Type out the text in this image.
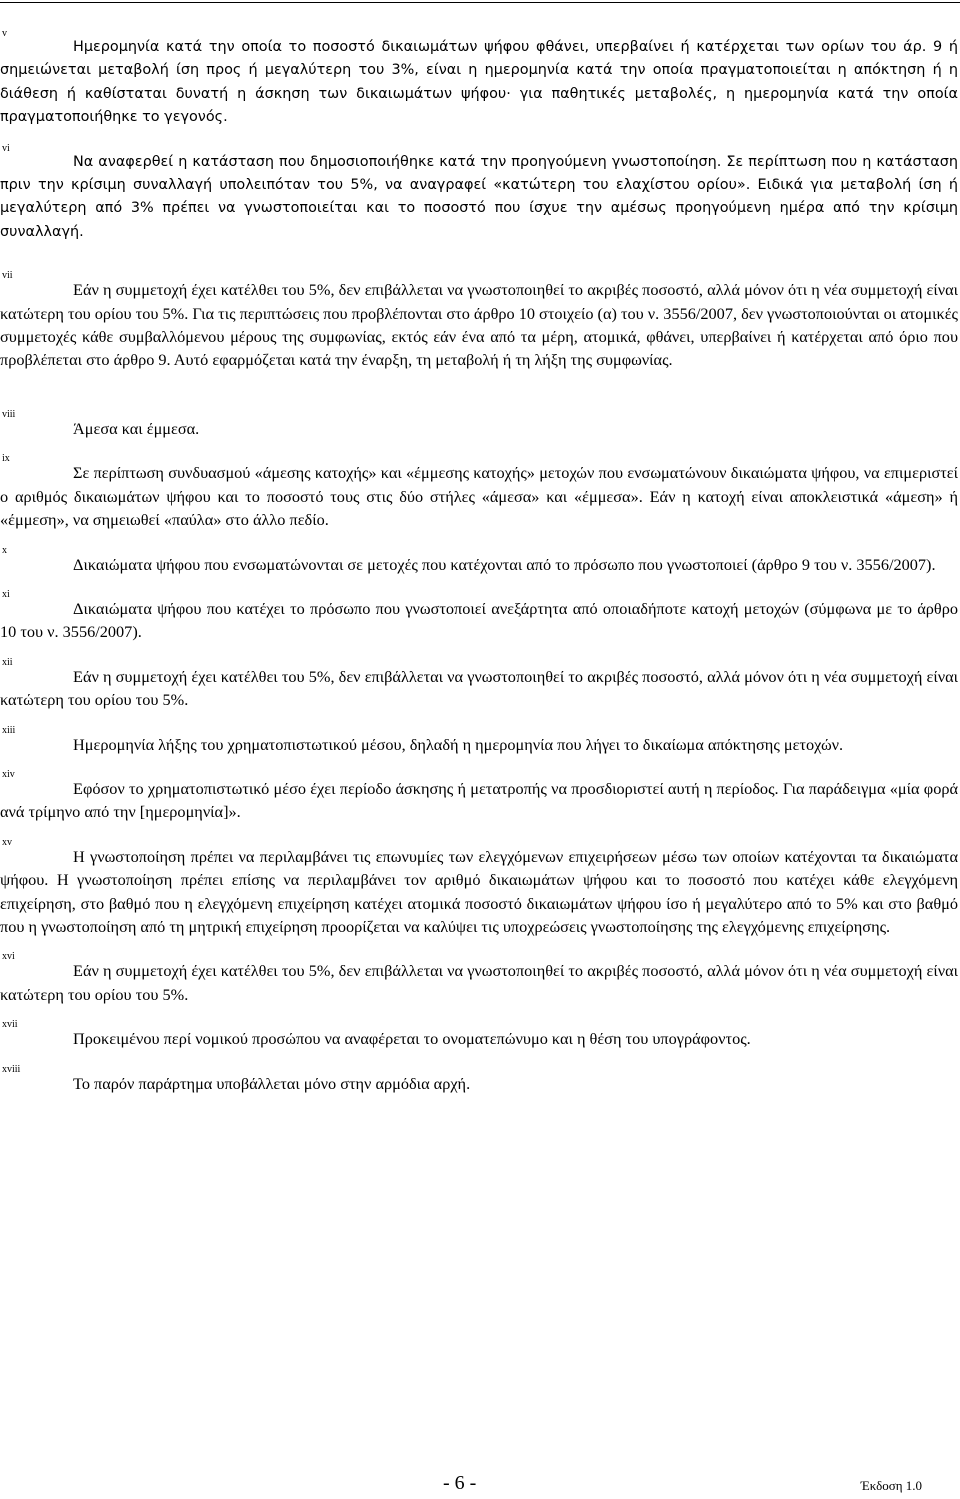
v
Ημερομηνία κατά την οποία το ποσοστό δικαιωμάτων ψήφου φθάνει, υπερβαίνει ή κατέρχεται των ορίων του άρ. 9 ή σημειώνεται μεταβολή ίση προς ή μεγαλύτερη του 3%, είναι η ημερομηνία κατά την οποία πραγματοποιείται η απόκτηση ή η διάθεση ή καθίσταται δυνατή η άσκηση των δικαιωμάτων ψήφου· για παθητικές μεταβολές, η ημερομηνία κατά την οποία πραγματοποιήθηκε το γεγονός.

vi
Να αναφερθεί η κατάσταση που δημοσιοποιήθηκε κατά την προηγούμενη γνωστοποίηση. Σε περίπτωση που η κατάσταση πριν την κρίσιμη συναλλαγή υπολειπόταν του 5%, να αναγραφεί «κατώτερη του ελαχίστου ορίου». Ειδικά για μεταβολή ίση ή μεγαλύτερη από 3% πρέπει να γνωστοποιείται και το ποσοστό που ίσχυε την αμέσως προηγούμενη ημέρα από την κρίσιμη συναλλαγή.

vii
Εάν η συμμετοχή έχει κατέλθει του 5%, δεν επιβάλλεται να γνωστοποιηθεί το ακριβές ποσοστό, αλλά μόνον ότι η νέα συμμετοχή είναι κατώτερη του ορίου του 5%. Για τις περιπτώσεις που προβλέπονται στο άρθρο 10 στοιχείο (α) του ν. 3556/2007, δεν γνωστοποιούνται οι ατομικές συμμετοχές κάθε συμβαλλόμενου μέρους της συμφωνίας, εκτός εάν ένα από τα μέρη, ατομικά, φθάνει, υπερβαίνει ή κατέρχεται από όριο που προβλέπεται στο άρθρο 9. Αυτό εφαρμόζεται κατά την έναρξη, τη μεταβολή ή τη λήξη της συμφωνίας.

viii
Άμεσα και έμμεσα.

ix
Σε περίπτωση συνδυασμού «άμεσης κατοχής» και «έμμεσης κατοχής» μετοχών που ενσωματώνουν δικαιώματα ψήφου, να επιμεριστεί ο αριθμός δικαιωμάτων ψήφου και το ποσοστό τους στις δύο στήλες «άμεσα» και «έμμεσα». Εάν η κατοχή είναι αποκλειστικά «άμεση» ή «έμμεση», να σημειωθεί «παύλα» στο άλλο πεδίο.

x
Δικαιώματα ψήφου που ενσωματώνονται σε μετοχές που κατέχονται από το πρόσωπο που γνωστοποιεί (άρθρο 9 του ν. 3556/2007).

xi
Δικαιώματα ψήφου που κατέχει το πρόσωπο που γνωστοποιεί ανεξάρτητα από οποιαδήποτε κατοχή μετοχών (σύμφωνα με το άρθρο 10 του ν. 3556/2007).

xii
Εάν η συμμετοχή έχει κατέλθει του 5%, δεν επιβάλλεται να γνωστοποιηθεί το ακριβές ποσοστό, αλλά μόνον ότι η νέα συμμετοχή είναι κατώτερη του ορίου του 5%.

xiii
Ημερομηνία λήξης του χρηματοπιστωτικού μέσου, δηλαδή η ημερομηνία που λήγει το δικαίωμα απόκτησης μετοχών.

xiv
Εφόσον το χρηματοπιστωτικό μέσο έχει περίοδο άσκησης ή μετατροπής να προσδιοριστεί αυτή η περίοδος. Για παράδειγμα «μία φορά ανά τρίμηνο από την [ημερομηνία]».

xv
Η γνωστοποίηση πρέπει να περιλαμβάνει τις επωνυμίες των ελεγχόμενων επιχειρήσεων μέσω των οποίων κατέχονται τα δικαιώματα ψήφου. Η γνωστοποίηση πρέπει επίσης να περιλαμβάνει τον αριθμό δικαιωμάτων ψήφου και το ποσοστό που κατέχει κάθε ελεγχόμενη επιχείρηση, στο βαθμό που η ελεγχόμενη επιχείρηση κατέχει ατομικά ποσοστό δικαιωμάτων ψήφου ίσο ή μεγαλύτερο από το 5% και στο βαθμό που η γνωστοποίηση από τη μητρική επιχείρηση προορίζεται να καλύψει τις υποχρεώσεις γνωστοποίησης της ελεγχόμενης επιχείρησης.

xvi
Εάν η συμμετοχή έχει κατέλθει του 5%, δεν επιβάλλεται να γνωστοποιηθεί το ακριβές ποσοστό, αλλά μόνον ότι η νέα συμμετοχή είναι κατώτερη του ορίου του 5%.

xvii
Προκειμένου περί νομικού προσώπου να αναφέρεται το ονοματεπώνυμο και η θέση του υπογράφοντος.

xviii
Το παρόν παράρτημα υποβάλλεται μόνο στην αρμόδια αρχή.

- 6 -	Έκδοση 1.0
